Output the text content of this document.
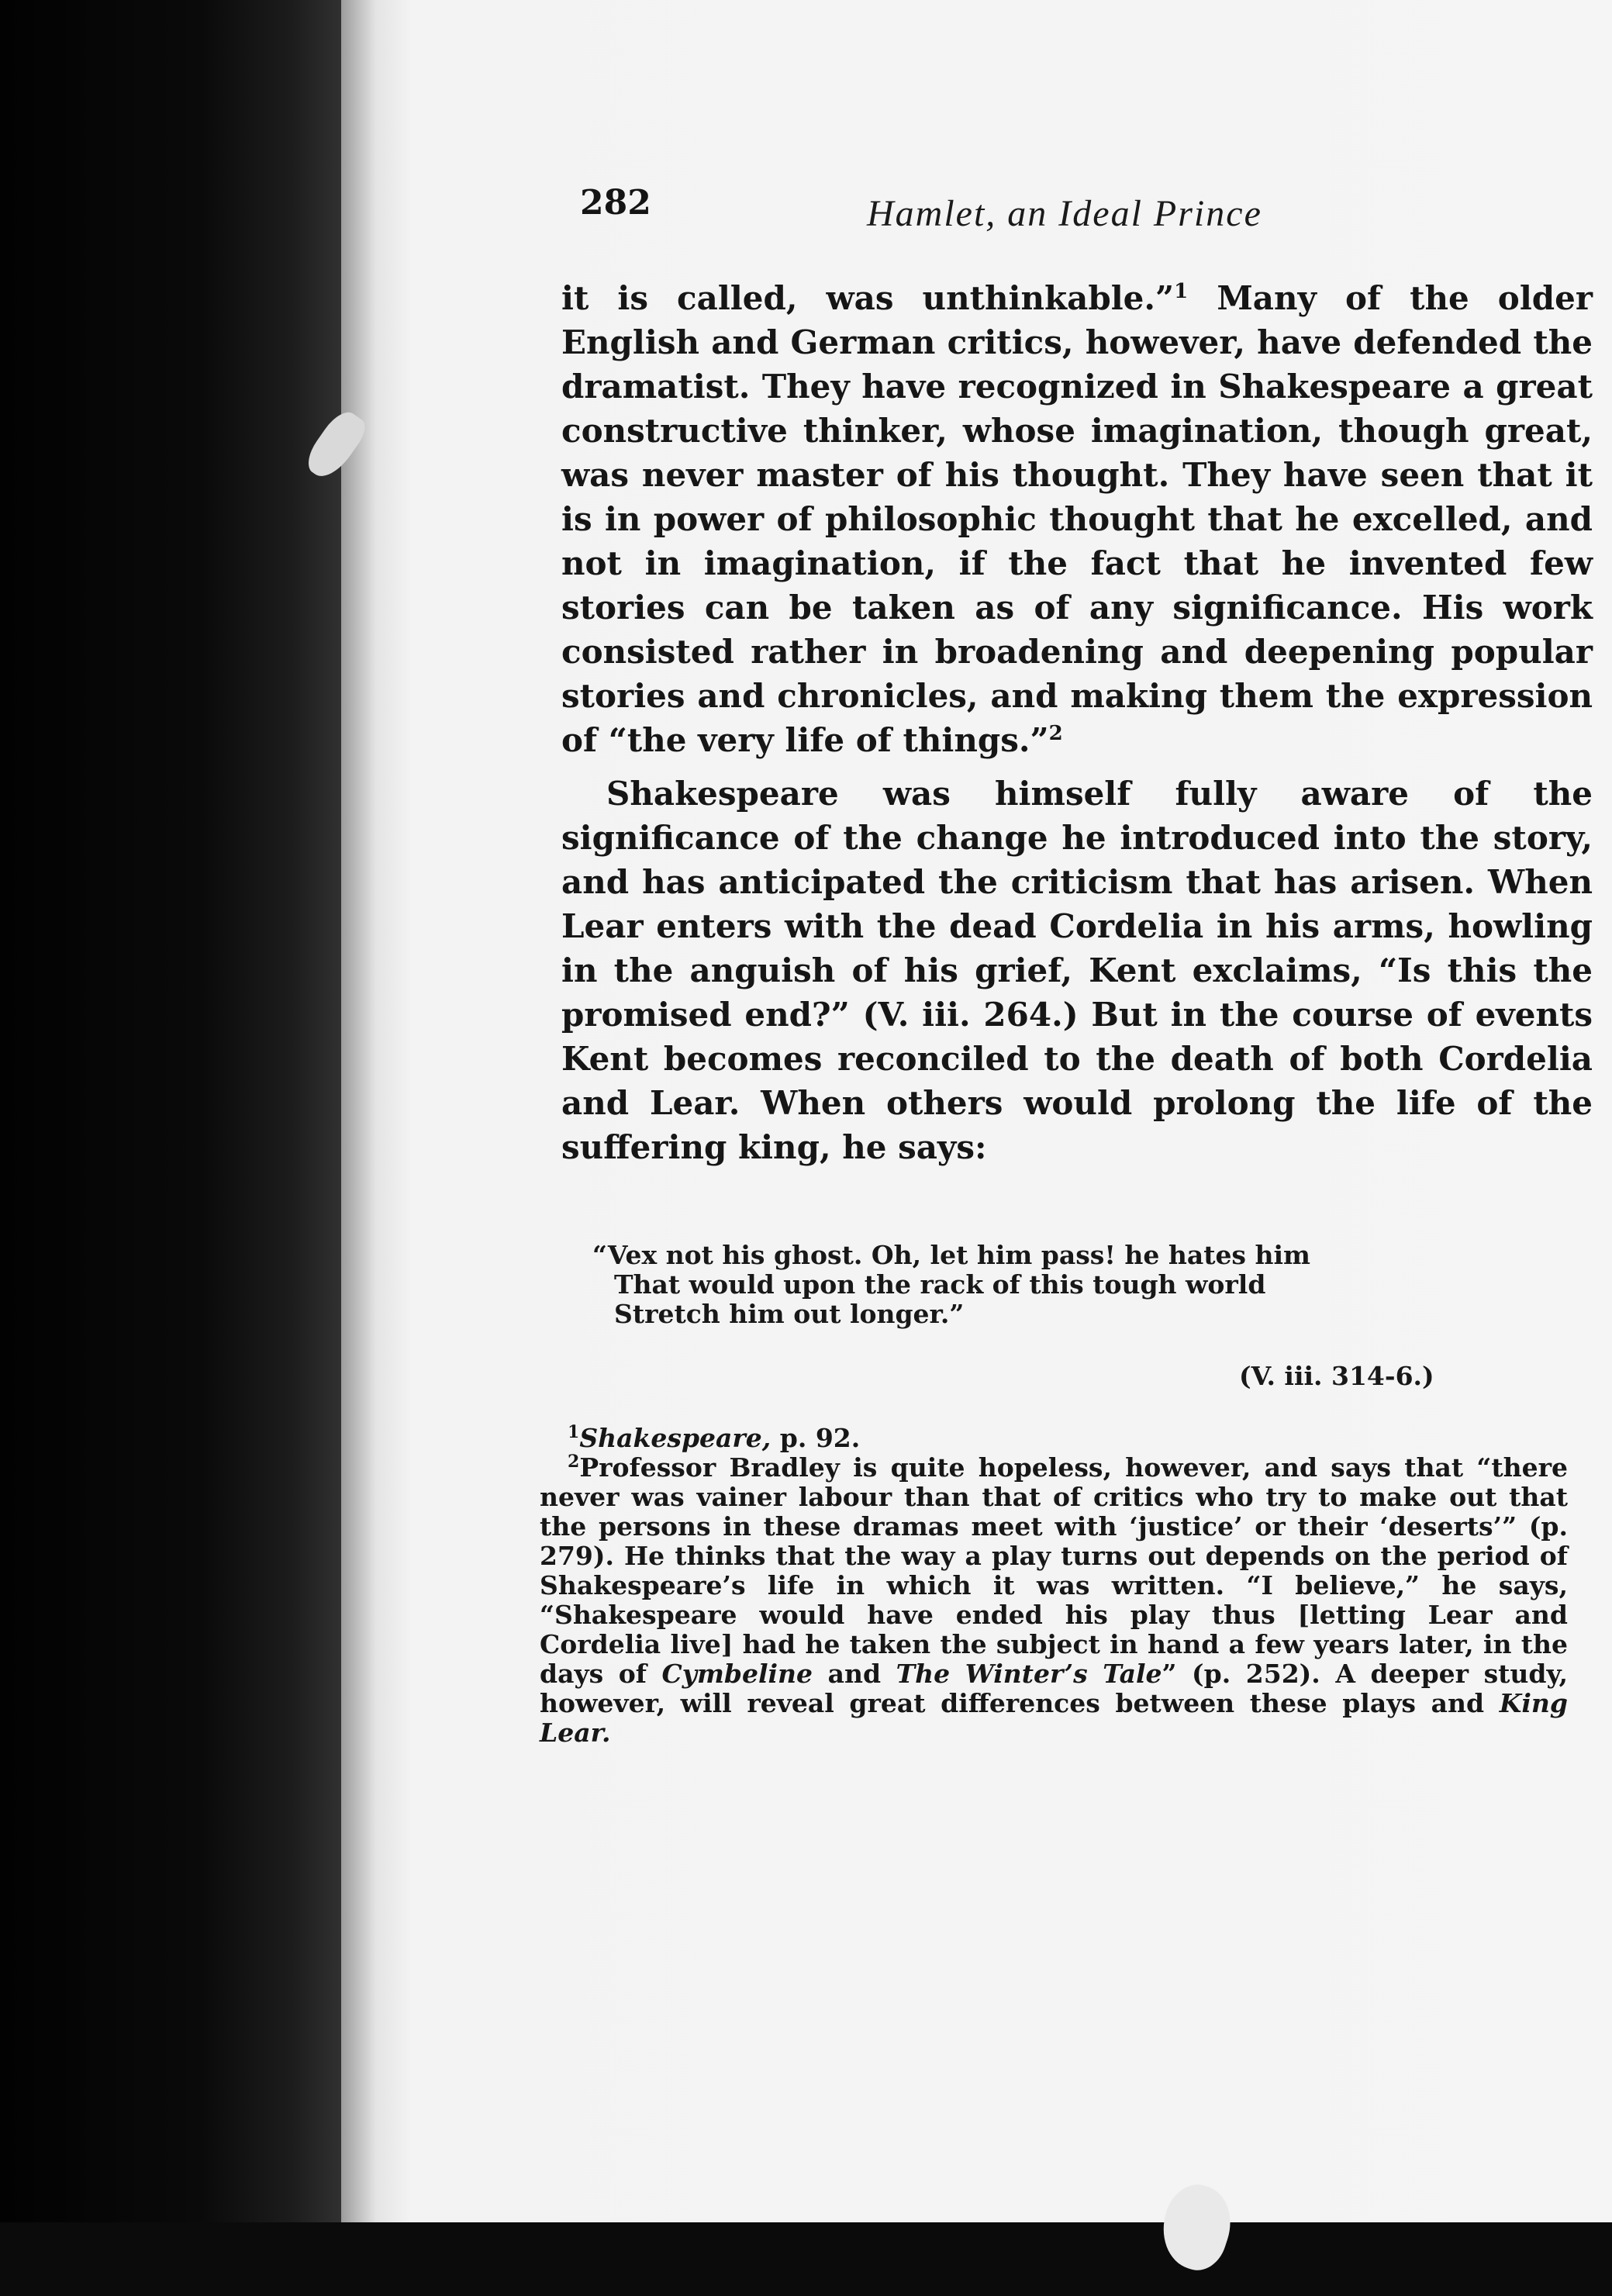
282	Hamlet, an Ideal Prince

it is called, was unthinkable.”$^1$ Many of the older English and German critics, however, have defended the dramatist. They have recognized in Shakespeare a great constructive thinker, whose imagination, though great, was never master of his thought. They have seen that it is in power of philosophic thought that he excelled, and not in imagination, if the fact that he invented few stories can be taken as of any significance. His work consisted rather in broadening and deepening popular stories and chronicles, and making them the expression of “the very life of things.”$^2$

Shakespeare was himself fully aware of the significance of the change he introduced into the story, and has anticipated the criticism that has arisen. When Lear enters with the dead Cordelia in his arms, howling in the anguish of his grief, Kent exclaims, “Is this the promised end?” (V. iii. 264.) But in the course of events Kent becomes reconciled to the death of both Cordelia and Lear. When others would prolong the life of the suffering king, he says:

“Vex not his ghost. Oh, let him pass! he hates him
That would upon the rack of this tough world
Stretch him out longer.”
(V. iii. 314-6.)

$^1$Shakespeare, p. 92.

$^2$Professor Bradley is quite hopeless, however, and says that “there never was vainer labour than that of critics who try to make out that the persons in these dramas meet with ‘justice’ or their ‘deserts’” (p. 279). He thinks that the way a play turns out depends on the period of Shakespeare’s life in which it was written. “I believe,” he says, “Shakespeare would have ended his play thus [letting Lear and Cordelia live] had he taken the subject in hand a few years later, in the days of Cymbeline and The Winter’s Tale” (p. 252). A deeper study, however, will reveal great differences between these plays and King Lear.
